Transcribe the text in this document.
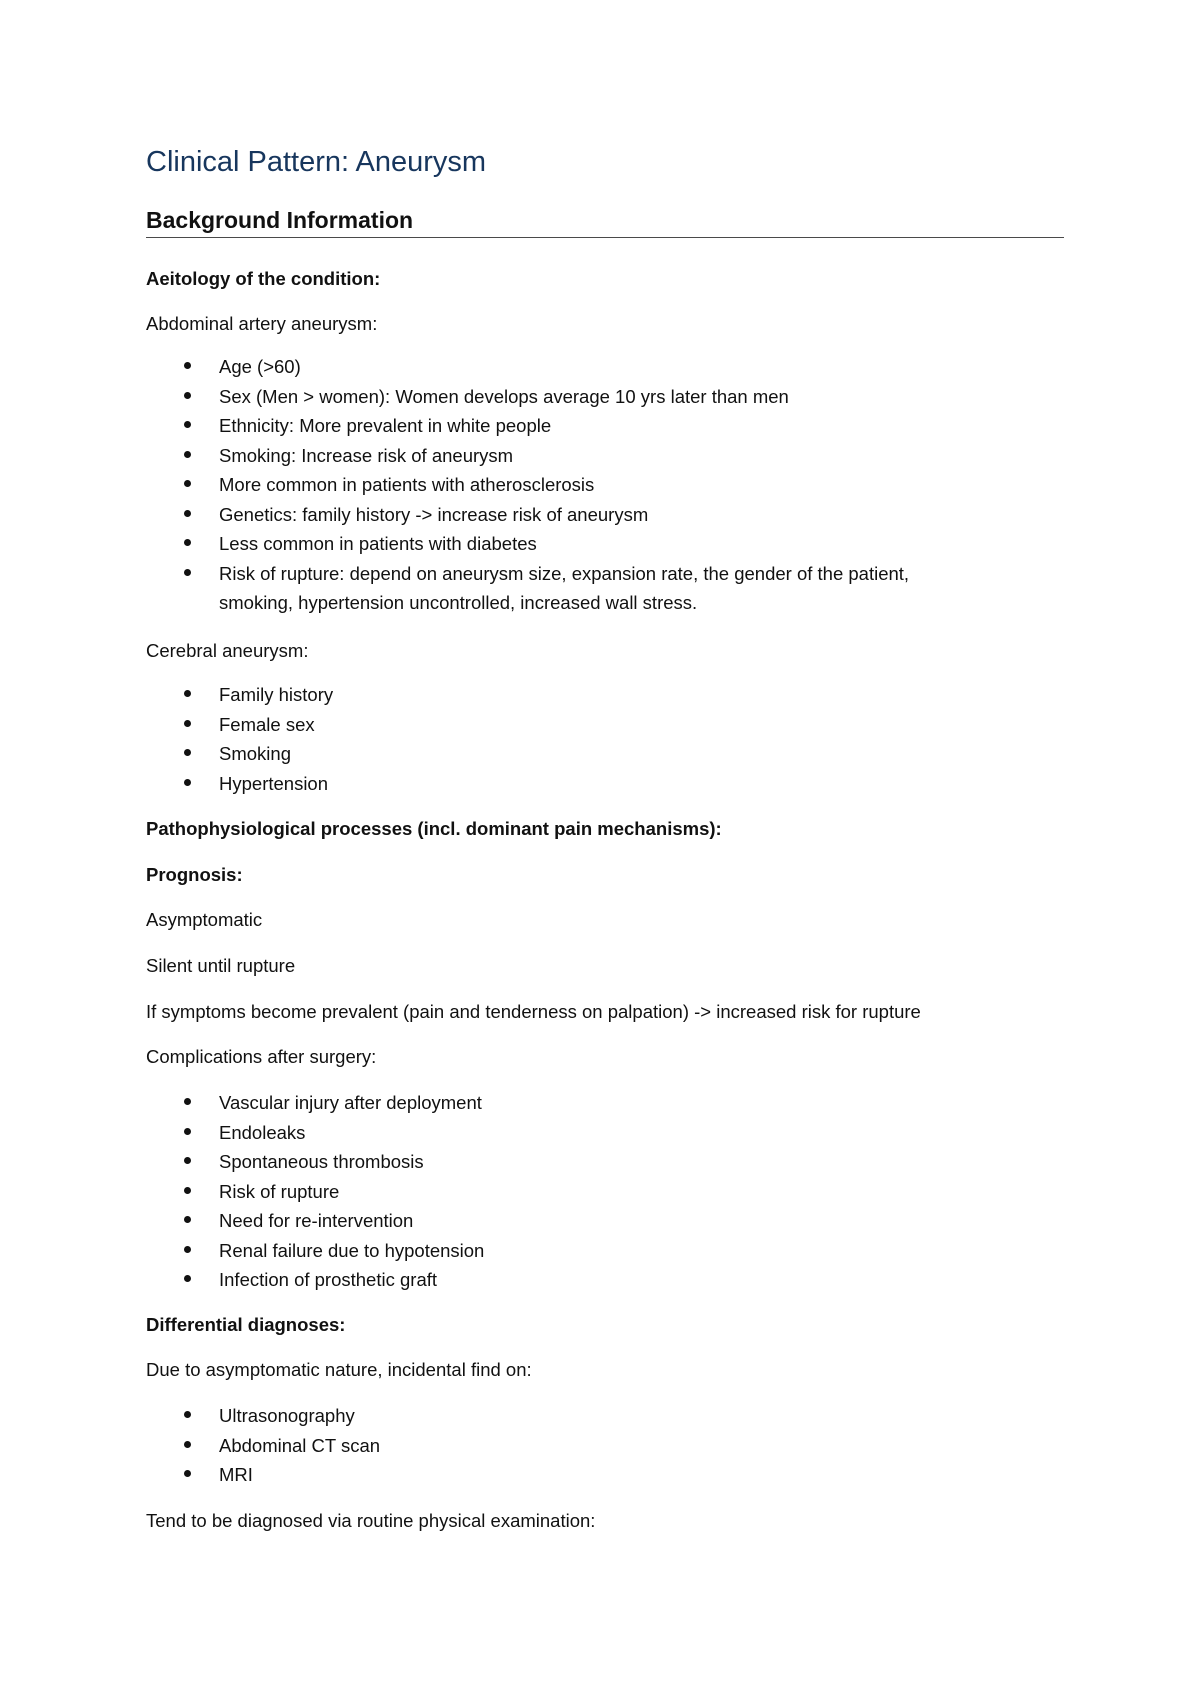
Clinical Pattern: Aneurysm
Background Information
Aeitology of the condition:
Abdominal artery aneurysm:
Age (>60)
Sex (Men > women): Women develops average 10 yrs later than men
Ethnicity: More prevalent in white people
Smoking: Increase risk of aneurysm
More common in patients with atherosclerosis
Genetics: family history -> increase risk of aneurysm
Less common in patients with diabetes
Risk of rupture: depend on aneurysm size, expansion rate, the gender of the patient,
smoking, hypertension uncontrolled, increased wall stress.
Cerebral aneurysm:
Family history
Female sex
Smoking
Hypertension
Pathophysiological processes (incl. dominant pain mechanisms):
Prognosis:
Asymptomatic
Silent until rupture
If symptoms become prevalent (pain and tenderness on palpation) -> increased risk for rupture
Complications after surgery:
Vascular injury after deployment
Endoleaks
Spontaneous thrombosis
Risk of rupture
Need for re-intervention
Renal failure due to hypotension
Infection of prosthetic graft
Differential diagnoses:
Due to asymptomatic nature, incidental find on:
Ultrasonography
Abdominal CT scan
MRI
Tend to be diagnosed via routine physical examination:
